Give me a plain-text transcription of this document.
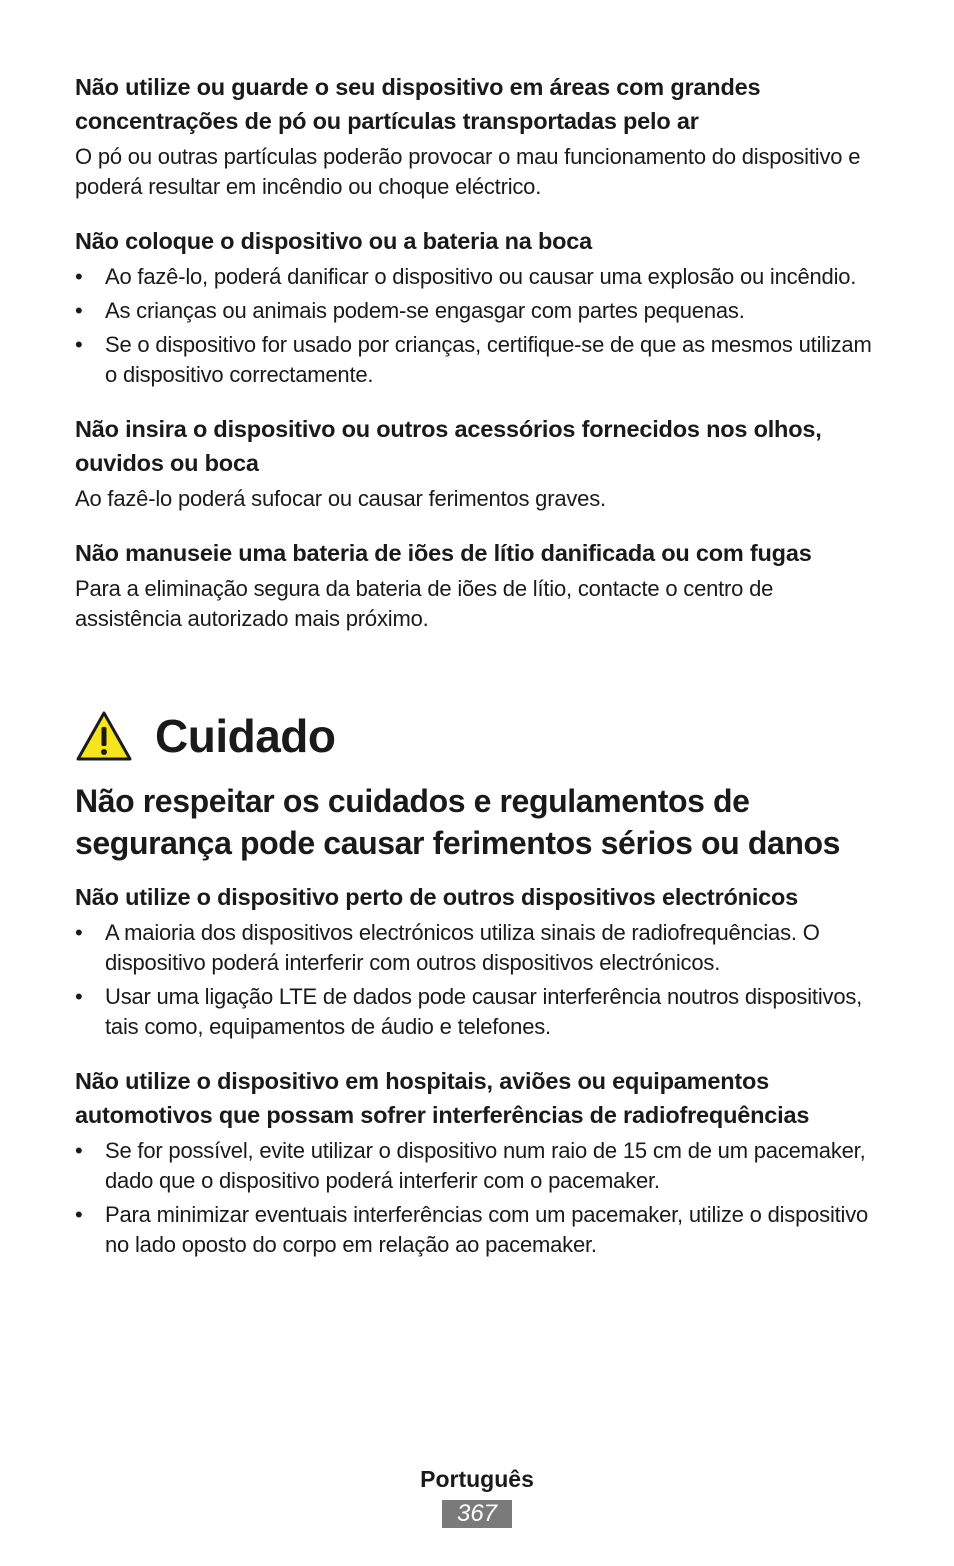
Não utilize ou guarde o seu dispositivo em áreas com grandes concentrações de pó ou partículas transportadas pelo ar

O pó ou outras partículas poderão provocar o mau funcionamento do dispositivo e poderá resultar em incêndio ou choque eléctrico.

Não coloque o dispositivo ou a bateria na boca

• Ao fazê-lo, poderá danificar o dispositivo ou causar uma explosão ou incêndio.
• As crianças ou animais podem-se engasgar com partes pequenas.
• Se o dispositivo for usado por crianças, certifique-se de que as mesmos utilizam o dispositivo correctamente.

Não insira o dispositivo ou outros acessórios fornecidos nos olhos, ouvidos ou boca

Ao fazê-lo poderá sufocar ou causar ferimentos graves.

Não manuseie uma bateria de iões de lítio danificada ou com fugas

Para a eliminação segura da bateria de iões de lítio, contacte o centro de assistência autorizado mais próximo.

Cuidado

Não respeitar os cuidados e regulamentos de segurança pode causar ferimentos sérios ou danos

Não utilize o dispositivo perto de outros dispositivos electrónicos

• A maioria dos dispositivos electrónicos utiliza sinais de radiofrequências. O dispositivo poderá interferir com outros dispositivos electrónicos.
• Usar uma ligação LTE de dados pode causar interferência noutros dispositivos, tais como, equipamentos de áudio e telefones.

Não utilize o dispositivo em hospitais, aviões ou equipamentos automotivos que possam sofrer interferências de radiofrequências

• Se for possível, evite utilizar o dispositivo num raio de 15 cm de um pacemaker, dado que o dispositivo poderá interferir com o pacemaker.
• Para minimizar eventuais interferências com um pacemaker, utilize o dispositivo no lado oposto do corpo em relação ao pacemaker.
Português
367
